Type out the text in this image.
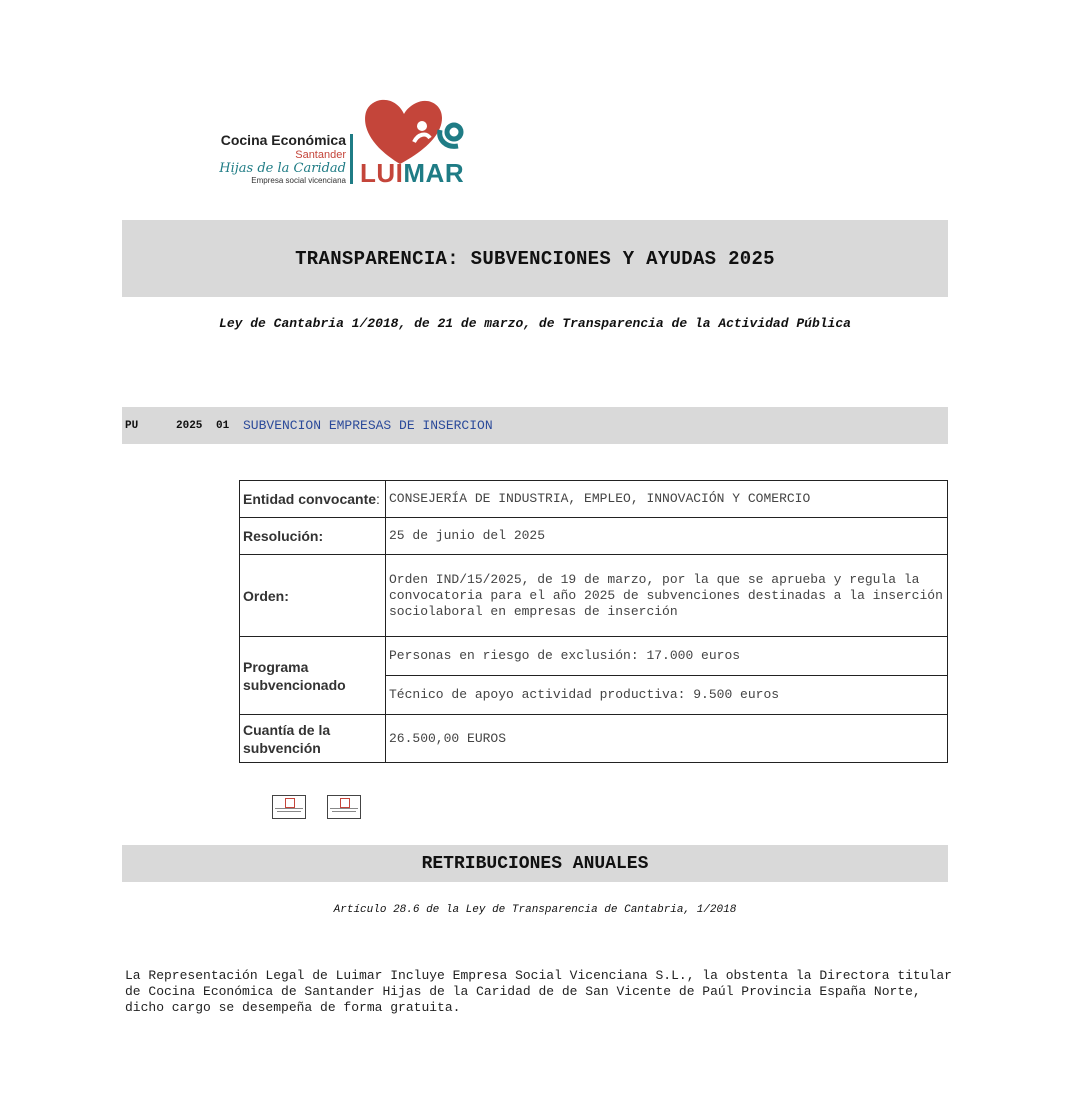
Cocina Económica
Santander
Hijas de la Caridad
Empresa social vicenciana LUIMAR
TRANSPARENCIA: SUBVENCIONES Y AYUDAS 2025
Ley de Cantabria 1/2018, de 21 de marzo, de Transparencia de la Actividad Pública
PU	2025 01 SUBVENCION EMPRESAS DE INSERCION
Entidad convocante:	CONSEJERÍA DE INDUSTRIA, EMPLEO, INNOVACIÓN Y COMERCIO
Resolución:	25 de junio del 2025
Orden:	Orden IND/15/2025, de 19 de marzo, por la que se aprueba y regula la convocatoria para el año 2025 de subvenciones destinadas a la inserción sociolaboral en empresas de inserción
Programa subvencionado	Personas en riesgo de exclusión: 17.000 euros
	Técnico de apoyo actividad productiva: 9.500 euros
Cuantía de la subvención	26.500,00 EUROS
RETRIBUCIONES ANUALES
Artículo 28.6 de la Ley de Transparencia de Cantabria, 1/2018
La Representación Legal de Luimar Incluye Empresa Social Vicenciana S.L., la obstenta la Directora titular de Cocina Económica de Santander Hijas de la Caridad de de San Vicente de Paúl Provincia España Norte, dicho cargo se desempeña de forma gratuita.
